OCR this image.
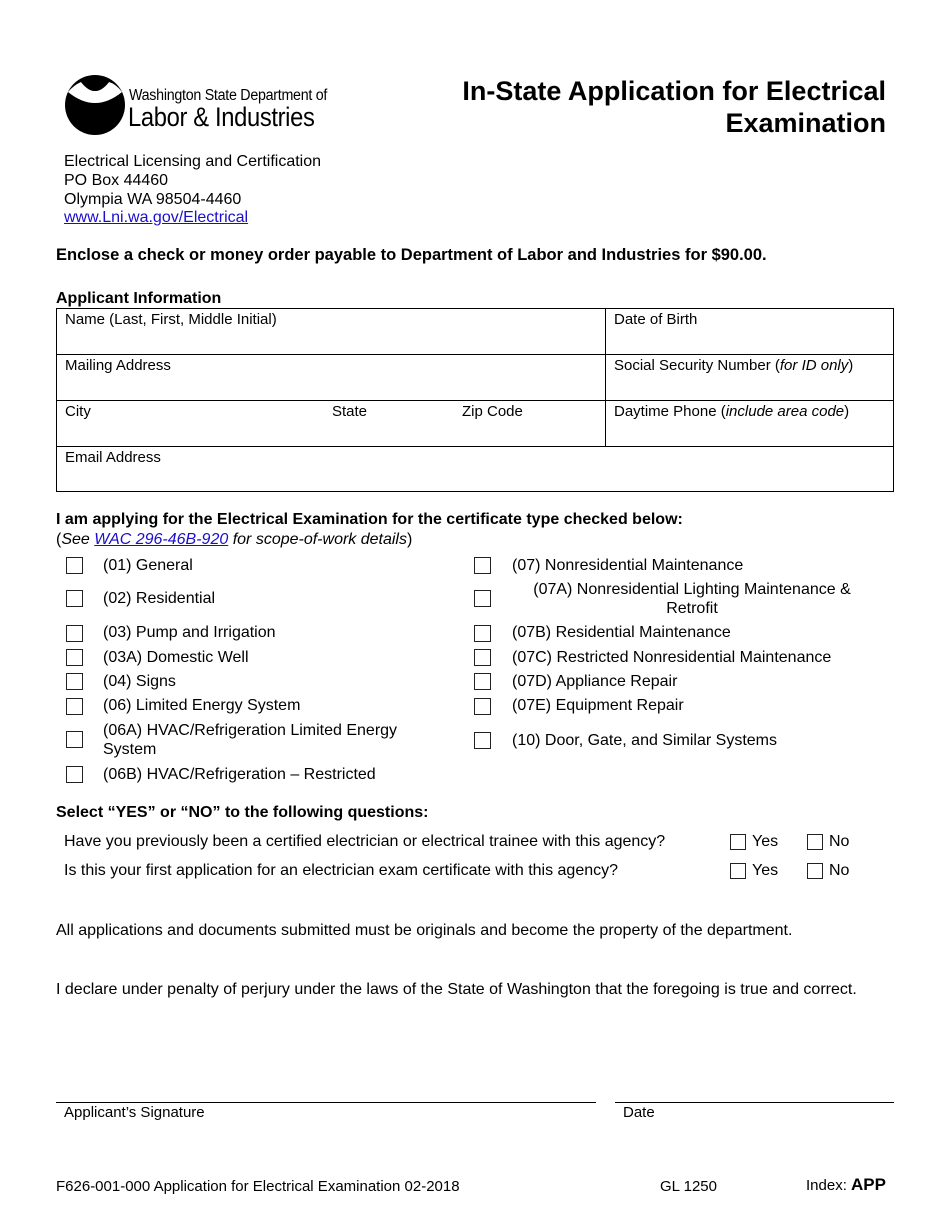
Washington State Department of
Labor & Industries
In-State Application for Electrical
Examination
Electrical Licensing and Certification
PO Box 44460
Olympia WA 98504-4460
www.Lni.wa.gov/Electrical
Enclose a check or money order payable to Department of Labor and Industries for $90.00.
Applicant Information
Name (Last, First, Middle Initial)	Date of Birth
Mailing Address	Social Security Number (for ID only)
City	State	Zip Code	Daytime Phone (include area code)
Email Address
I am applying for the Electrical Examination for the certificate type checked below:
(See WAC 296-46B-920 for scope-of-work details)
(01) General
(02) Residential
(03) Pump and Irrigation
(03A) Domestic Well
(04) Signs
(06) Limited Energy System
(06A) HVAC/Refrigeration Limited Energy System
(06B) HVAC/Refrigeration – Restricted
(07) Nonresidential Maintenance
(07A) Nonresidential Lighting Maintenance & Retrofit
(07B) Residential Maintenance
(07C) Restricted Nonresidential Maintenance
(07D) Appliance Repair
(07E) Equipment Repair
(10) Door, Gate, and Similar Systems
Select “YES” or “NO” to the following questions:
Have you previously been a certified electrician or electrical trainee with this agency?	Yes	No
Is this your first application for an electrician exam certificate with this agency?	Yes	No
All applications and documents submitted must be originals and become the property of the department.
I declare under penalty of perjury under the laws of the State of Washington that the foregoing is true and correct.
Applicant’s Signature	Date
F626-001-000 Application for Electrical Examination 02-2018	GL 1250	Index: APP
